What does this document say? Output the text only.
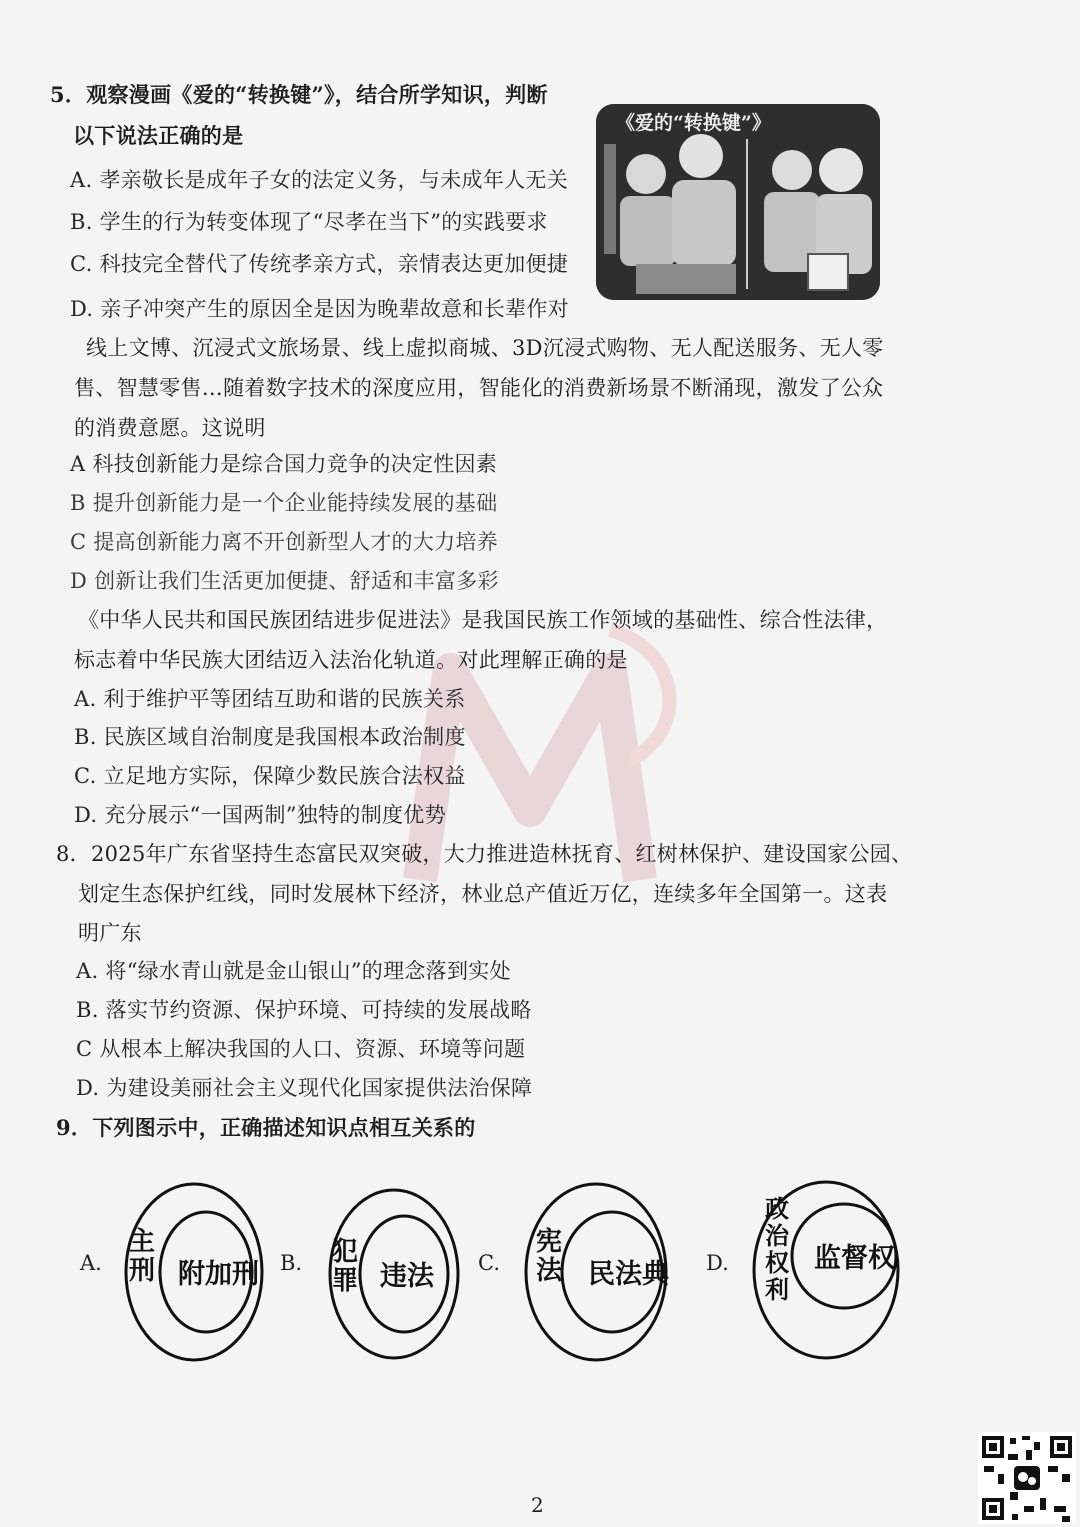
5．观察漫画《爱的“转换键”》，结合所学知识，判断
以下说法正确的是	《爱的“转换键”》
A. 孝亲敬长是成年子女的法定义务，与未成年人无关
B. 学生的行为转变体现了“尽孝在当下”的实践要求
C. 科技完全替代了传统孝亲方式，亲情表达更加便捷
D. 亲子冲突产生的原因全是因为晚辈故意和长辈作对
线上文博、沉浸式文旅场景、线上虚拟商城、3D沉浸式购物、无人配送服务、无人零
售、智慧零售…随着数字技术的深度应用，智能化的消费新场景不断涌现，激发了公众
的消费意愿。这说明
A 科技创新能力是综合国力竞争的决定性因素
B 提升创新能力是一个企业能持续发展的基础
C 提高创新能力离不开创新型人才的大力培养
D 创新让我们生活更加便捷、舒适和丰富多彩
《中华人民共和国民族团结进步促进法》是我国民族工作领域的基础性、综合性法律，
标志着中华民族大团结迈入法治化轨道。对此理解正确的是
A. 利于维护平等团结互助和谐的民族关系
B. 民族区域自治制度是我国根本政治制度
C. 立足地方实际，保障少数民族合法权益
D. 充分展示“一国两制”独特的制度优势
8．2025年广东省坚持生态富民双突破，大力推进造林抚育、红树林保护、建设国家公园、
划定生态保护红线，同时发展林下经济，林业总产值近万亿，连续多年全国第一。这表
明广东
A. 将“绿水青山就是金山银山”的理念落到实处
B. 落实节约资源、保护环境、可持续的发展战略
C 从根本上解决我国的人口、资源、环境等问题
D. 为建设美丽社会主义现代化国家提供法治保障
9．下列图示中，正确描述知识点相互关系的
A.
主刑 附加刑 B. 犯罪 违法 C.
宪法 民法典 D.
政治权利
监督权
2
